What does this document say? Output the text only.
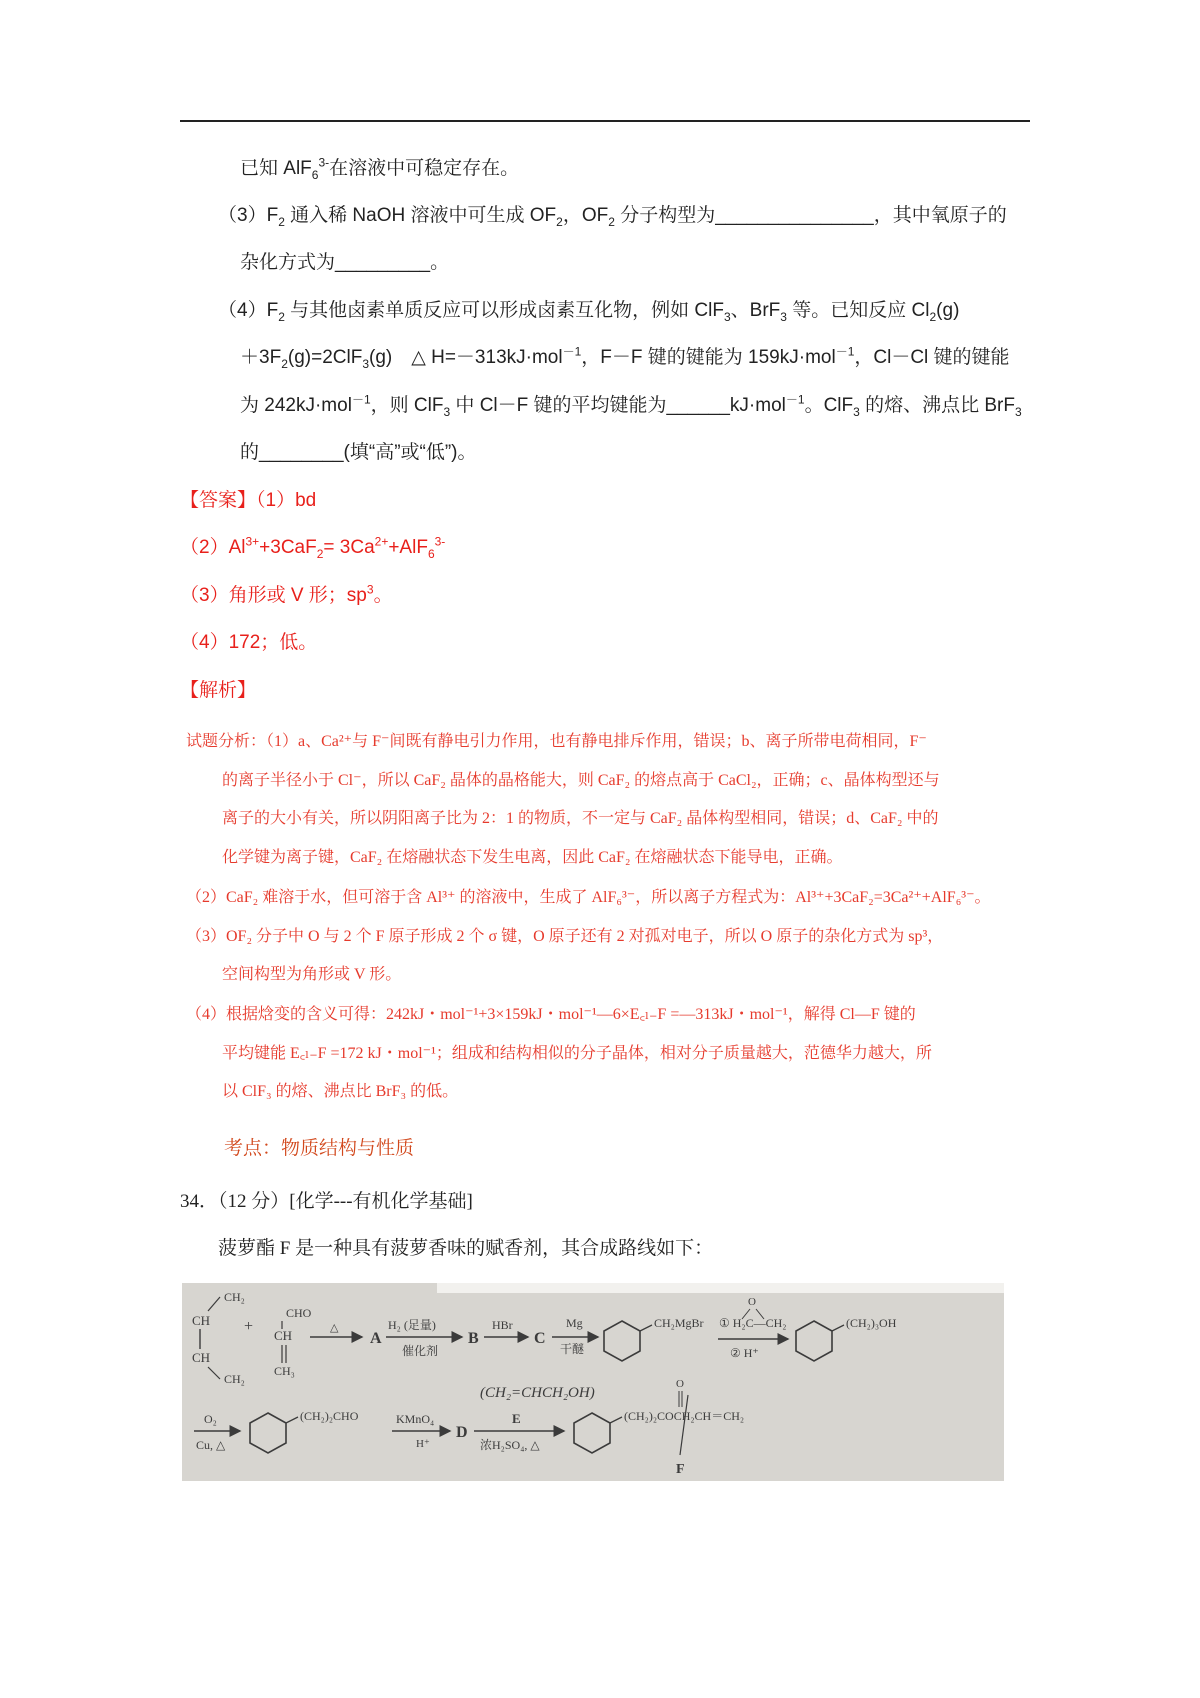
已知 AlF$_6^{3-}$在溶液中可稳定存在。
$(3)F_2$ 通入稀 NaOH 溶液中可生成 $OF_2$，$OF_2$ 分子构型为_______________，其中氧原子的
杂化方式为_________。
$(4)F_2$ 与其他卤素单质反应可以形成卤素互化物，例如 ClF$_3$、BrF$_3$ 等。已知反应 $Cl_2(g)$
$+3F_2(g)=2ClF_3(g)$　△ H=－313kJ·mol$^{-1}$，F－F 键的键能为 159kJ·mol$^{-1}$，Cl－Cl 键的键能
为 242kJ·mol$^{-1}$，则 ClF$_3$ 中 Cl－F 键的平均键能为______kJ·mol$^{-1}$。ClF$_3$ 的熔、沸点比 BrF$_3$
的________(填“高”或“低”)。
【答案】（1）bd
$(2)Al^{3+}+3CaF_2= 3Ca^{2+}+AlF_6^{3-}$
（3）角形或 V 形；$sp^3$。
（4）172；低。
【解析】
试题分析：（1）a、Ca²⁺与 F⁻间既有静电引力作用，也有静电排斥作用，错误；b、离子所带电荷相同，F⁻
的离子半径小于 Cl⁻，所以 CaF₂ 晶体的晶格能大，则 CaF₂ 的熔点高于 CaCl₂，正确；c、晶体构型还与
离子的大小有关，所以阴阳离子比为 2：1 的物质，不一定与 CaF₂ 晶体构型相同，错误；d、CaF₂ 中的
化学键为离子键，CaF₂ 在熔融状态下发生电离，因此 CaF₂ 在熔融状态下能导电，正确。
（2）CaF₂ 难溶于水，但可溶于含 Al³⁺ 的溶液中，生成了 AlF₆³⁻，所以离子方程式为：Al³⁺+3CaF₂=3Ca²⁺+AlF₆³⁻。
（3）OF₂ 分子中 O 与 2 个 F 原子形成 2 个 σ 键，O 原子还有 2 对孤对电子，所以 O 原子的杂化方式为 sp³，
空间构型为角形或 V 形。
（4）根据焓变的含义可得：242kJ・mol⁻¹+3×159kJ・mol⁻¹—6×E꜀ₗ₋F =—313kJ・mol⁻¹，解得 Cl—F 键的
平均键能 E꜀ₗ₋F =172 kJ・mol⁻¹；组成和结构相似的分子晶体，相对分子质量越大，范德华力越大，所
以 ClF₃ 的熔、沸点比 BrF₃ 的低。
考点：物质结构与性质
34．（12 分）[化学---有机化学基础]
菠萝酯 F 是一种具有菠萝香味的赋香剂，其合成路线如下：
CH₂
CH
CH
CH₂
+
CHO
CH
CH₃
△
A
H₂ (足量)
催化剂
B
HBr
C
Mg
干醚
CH₂MgBr ① H₂C—CH₂
O
② H⁺
(CH₂)₃OH
O₂
Cu, △
(CH₂)₂CHO	KMnO₄
H⁺
D
E
浓H₂SO₄, △
(CH₂=CHCH₂OH)
(CH₂)₂COCH₂CH＝CH₂
O
F
